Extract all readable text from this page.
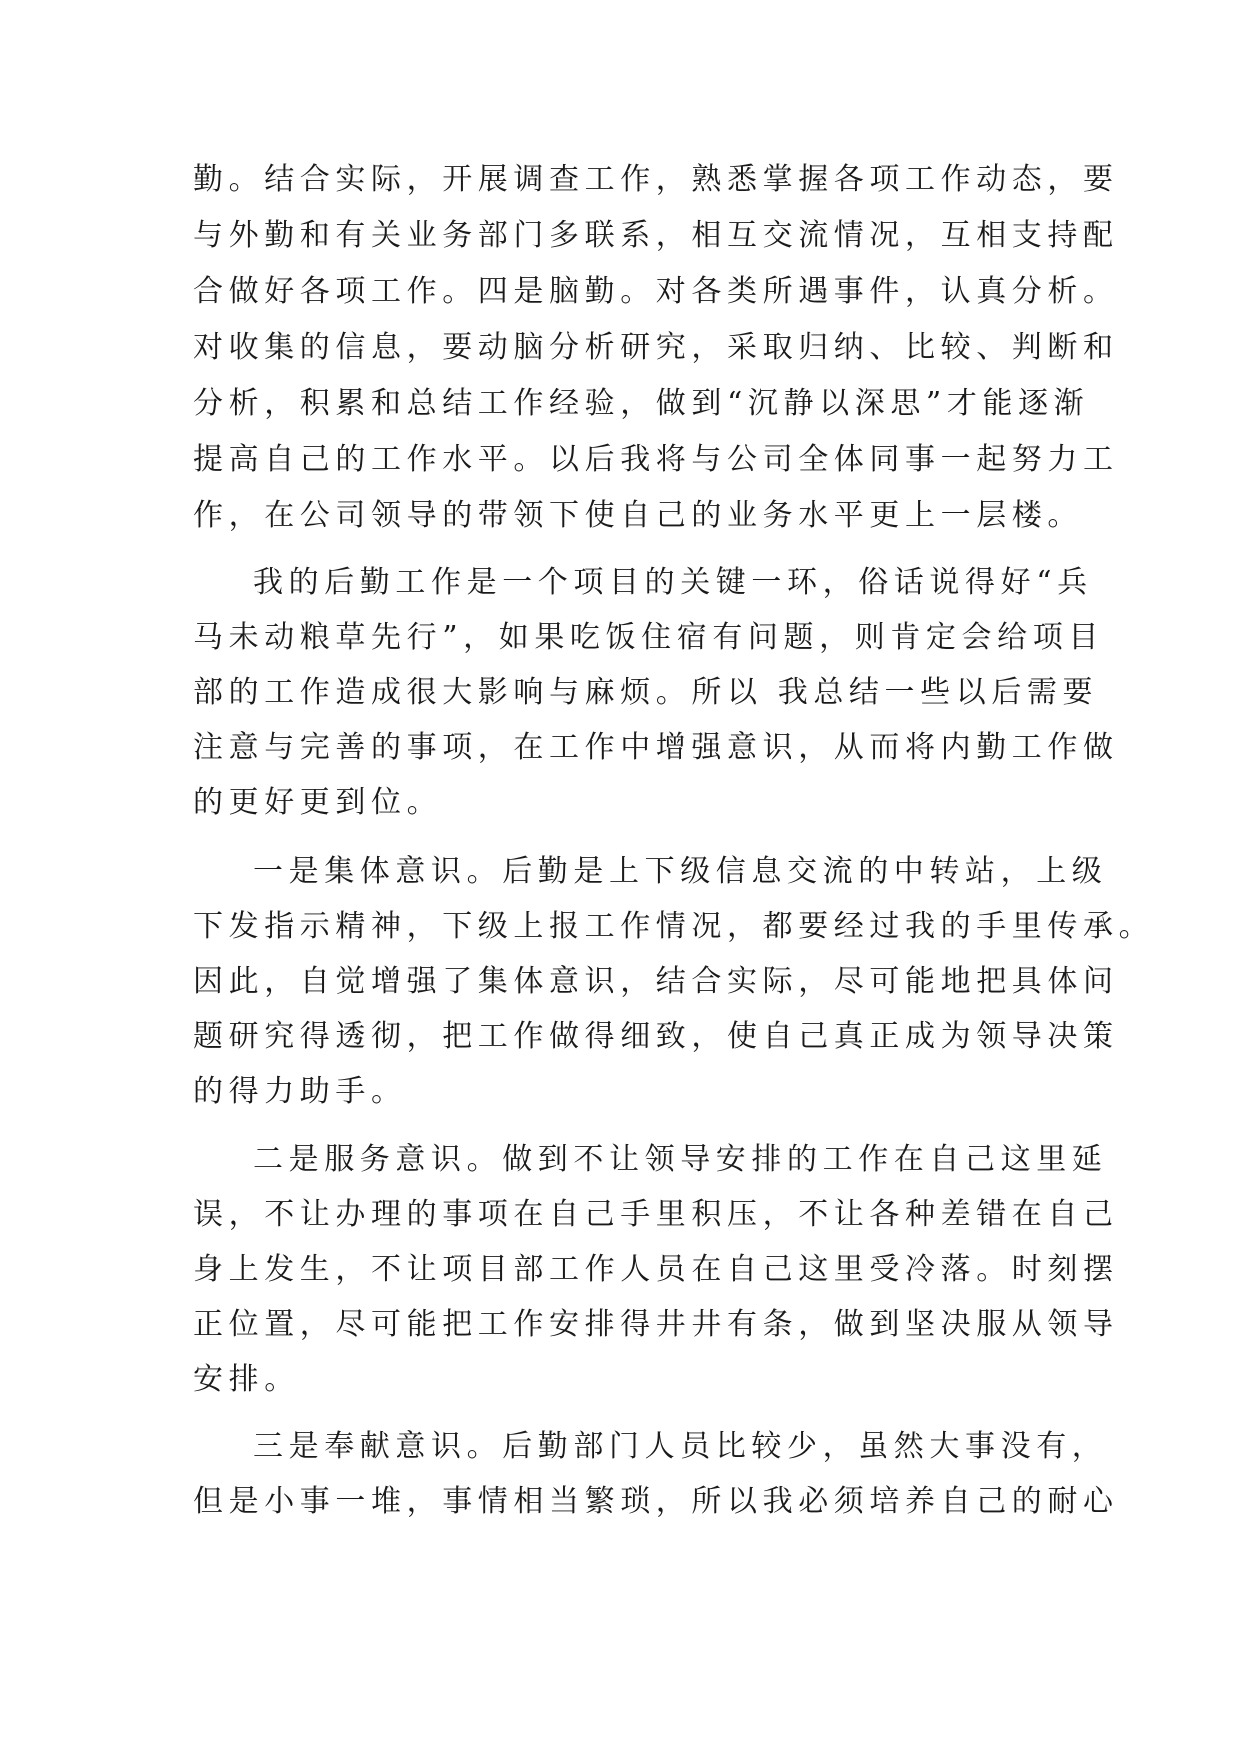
勤。结合实际，开展调查工作，熟悉掌握各项工作动态，要
与外勤和有关业务部门多联系，相互交流情况，互相支持配
合做好各项工作。四是脑勤。对各类所遇事件，认真分析。
对收集的信息，要动脑分析研究，采取归纳、比较、判断和
分析，积累和总结工作经验，做到“沉静以深思”才能逐渐
提高自己的工作水平。以后我将与公司全体同事一起努力工
作，在公司领导的带领下使自己的业务水平更上一层楼。
我的后勤工作是一个项目的关键一环，俗话说得好“兵
马未动粮草先行”，如果吃饭住宿有问题，则肯定会给项目
部的工作造成很大影响与麻烦。所以 我总结一些以后需要
注意与完善的事项，在工作中增强意识，从而将内勤工作做
的更好更到位。
一是集体意识。后勤是上下级信息交流的中转站，上级
下发指示精神，下级上报工作情况，都要经过我的手里传承。
因此，自觉增强了集体意识，结合实际，尽可能地把具体问
题研究得透彻，把工作做得细致，使自己真正成为领导决策
的得力助手。
二是服务意识。做到不让领导安排的工作在自己这里延
误，不让办理的事项在自己手里积压，不让各种差错在自己
身上发生，不让项目部工作人员在自己这里受冷落。时刻摆
正位置，尽可能把工作安排得井井有条，做到坚决服从领导
安排。
三是奉献意识。后勤部门人员比较少，虽然大事没有，
但是小事一堆，事情相当繁琐，所以我必须培养自己的耐心
